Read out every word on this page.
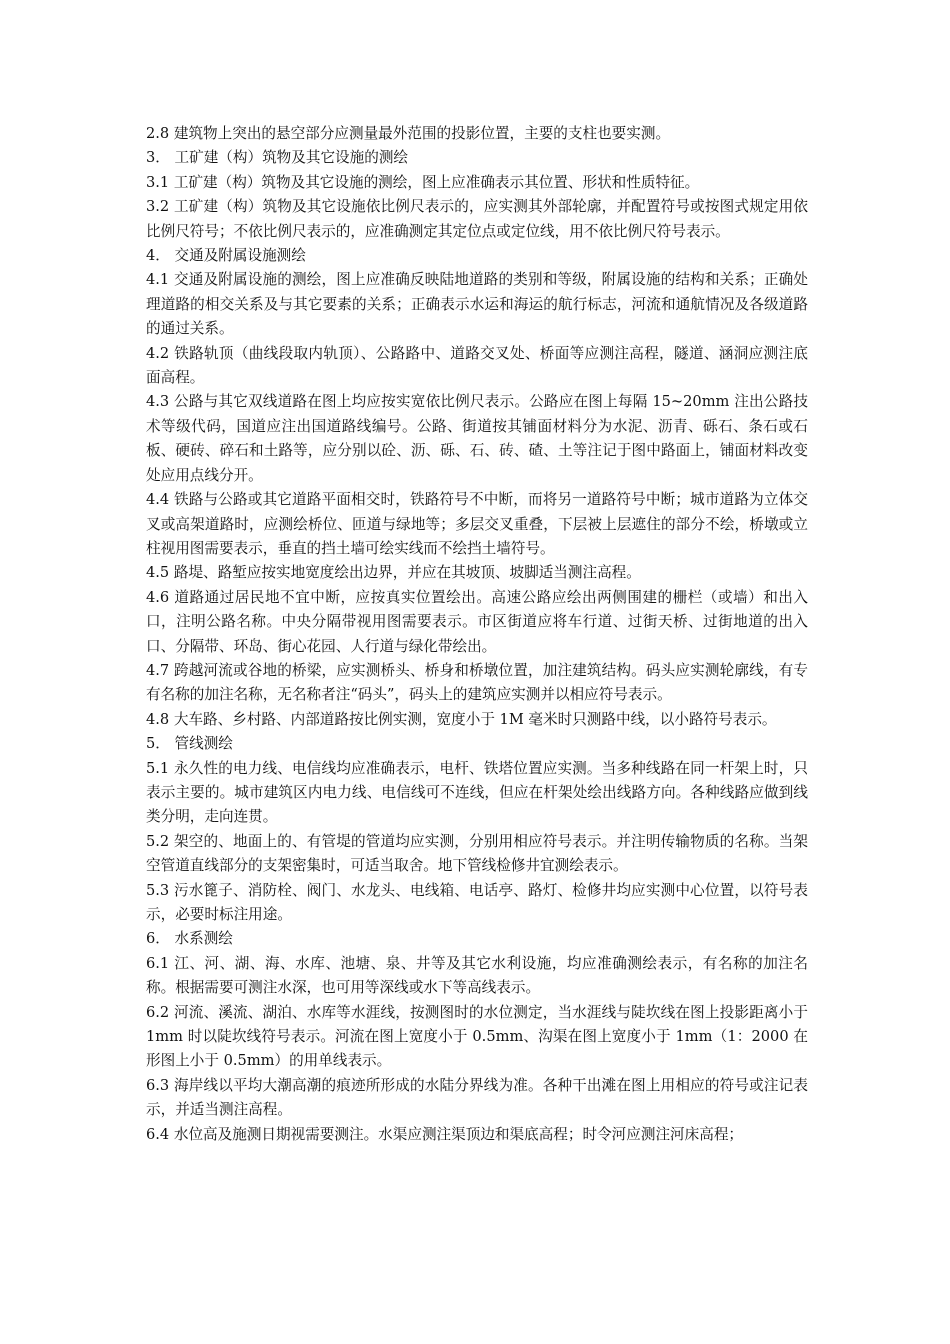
2.8 建筑物上突出的悬空部分应测量最外范围的投影位置，主要的支柱也要实测。

3． 工矿建（构）筑物及其它设施的测绘

3.1 工矿建（构）筑物及其它设施的测绘，图上应准确表示其位置、形状和性质特征。

3.2 工矿建（构）筑物及其它设施依比例尺表示的，应实测其外部轮廓，并配置符号或按图式规定用依比例尺符号；不依比例尺表示的，应准确测定其定位点或定位线，用不依比例尺符号表示。

4． 交通及附属设施测绘

4.1 交通及附属设施的测绘，图上应准确反映陆地道路的类别和等级，附属设施的结构和关系；正确处理道路的相交关系及与其它要素的关系；正确表示水运和海运的航行标志，河流和通航情况及各级道路的通过关系。

4.2 铁路轨顶（曲线段取内轨顶）、公路路中、道路交叉处、桥面等应测注高程，隧道、涵洞应测注底面高程。

4.3 公路与其它双线道路在图上均应按实宽依比例尺表示。公路应在图上每隔 15~20mm 注出公路技术等级代码，国道应注出国道路线编号。公路、街道按其铺面材料分为水泥、沥青、砾石、条石或石板、硬砖、碎石和土路等，应分别以砼、沥、砾、石、砖、碴、土等注记于图中路面上，铺面材料改变处应用点线分开。

4.4 铁路与公路或其它道路平面相交时，铁路符号不中断，而将另一道路符号中断；城市道路为立体交叉或高架道路时，应测绘桥位、匝道与绿地等；多层交叉重叠，下层被上层遮住的部分不绘，桥墩或立柱视用图需要表示，垂直的挡土墙可绘实线而不绘挡土墙符号。

4.5 路堤、路堑应按实地宽度绘出边界，并应在其坡顶、坡脚适当测注高程。

4.6 道路通过居民地不宜中断，应按真实位置绘出。高速公路应绘出两侧围建的栅栏（或墙）和出入口，注明公路名称。中央分隔带视用图需要表示。市区街道应将车行道、过街天桥、过街地道的出入口、分隔带、环岛、街心花园、人行道与绿化带绘出。

4.7 跨越河流或谷地的桥梁，应实测桥头、桥身和桥墩位置，加注建筑结构。码头应实测轮廓线，有专有名称的加注名称，无名称者注“码头”，码头上的建筑应实测并以相应符号表示。

4.8 大车路、乡村路、内部道路按比例实测，宽度小于 1M 毫米时只测路中线，以小路符号表示。

5． 管线测绘

5.1 永久性的电力线、电信线均应准确表示，电杆、铁塔位置应实测。当多种线路在同一杆架上时，只表示主要的。城市建筑区内电力线、电信线可不连线，但应在杆架处绘出线路方向。各种线路应做到线类分明，走向连贯。

5.2 架空的、地面上的、有管堤的管道均应实测，分别用相应符号表示。并注明传输物质的名称。当架空管道直线部分的支架密集时，可适当取舍。地下管线检修井宜测绘表示。

5.3 污水篦子、消防栓、阀门、水龙头、电线箱、电话亭、路灯、检修井均应实测中心位置，以符号表示，必要时标注用途。

6． 水系测绘

6.1 江、河、湖、海、水库、池塘、泉、井等及其它水利设施，均应准确测绘表示，有名称的加注名称。根据需要可测注水深，也可用等深线或水下等高线表示。

6.2 河流、溪流、湖泊、水库等水涯线，按测图时的水位测定，当水涯线与陡坎线在图上投影距离小于 1mm 时以陡坎线符号表示。河流在图上宽度小于 0.5mm、沟渠在图上宽度小于 1mm（1：2000 在形图上小于 0.5mm）的用单线表示。

6.3 海岸线以平均大潮高潮的痕迹所形成的水陆分界线为准。各种干出滩在图上用相应的符号或注记表示，并适当测注高程。

6.4 水位高及施测日期视需要测注。水渠应测注渠顶边和渠底高程；时令河应测注河床高程；
